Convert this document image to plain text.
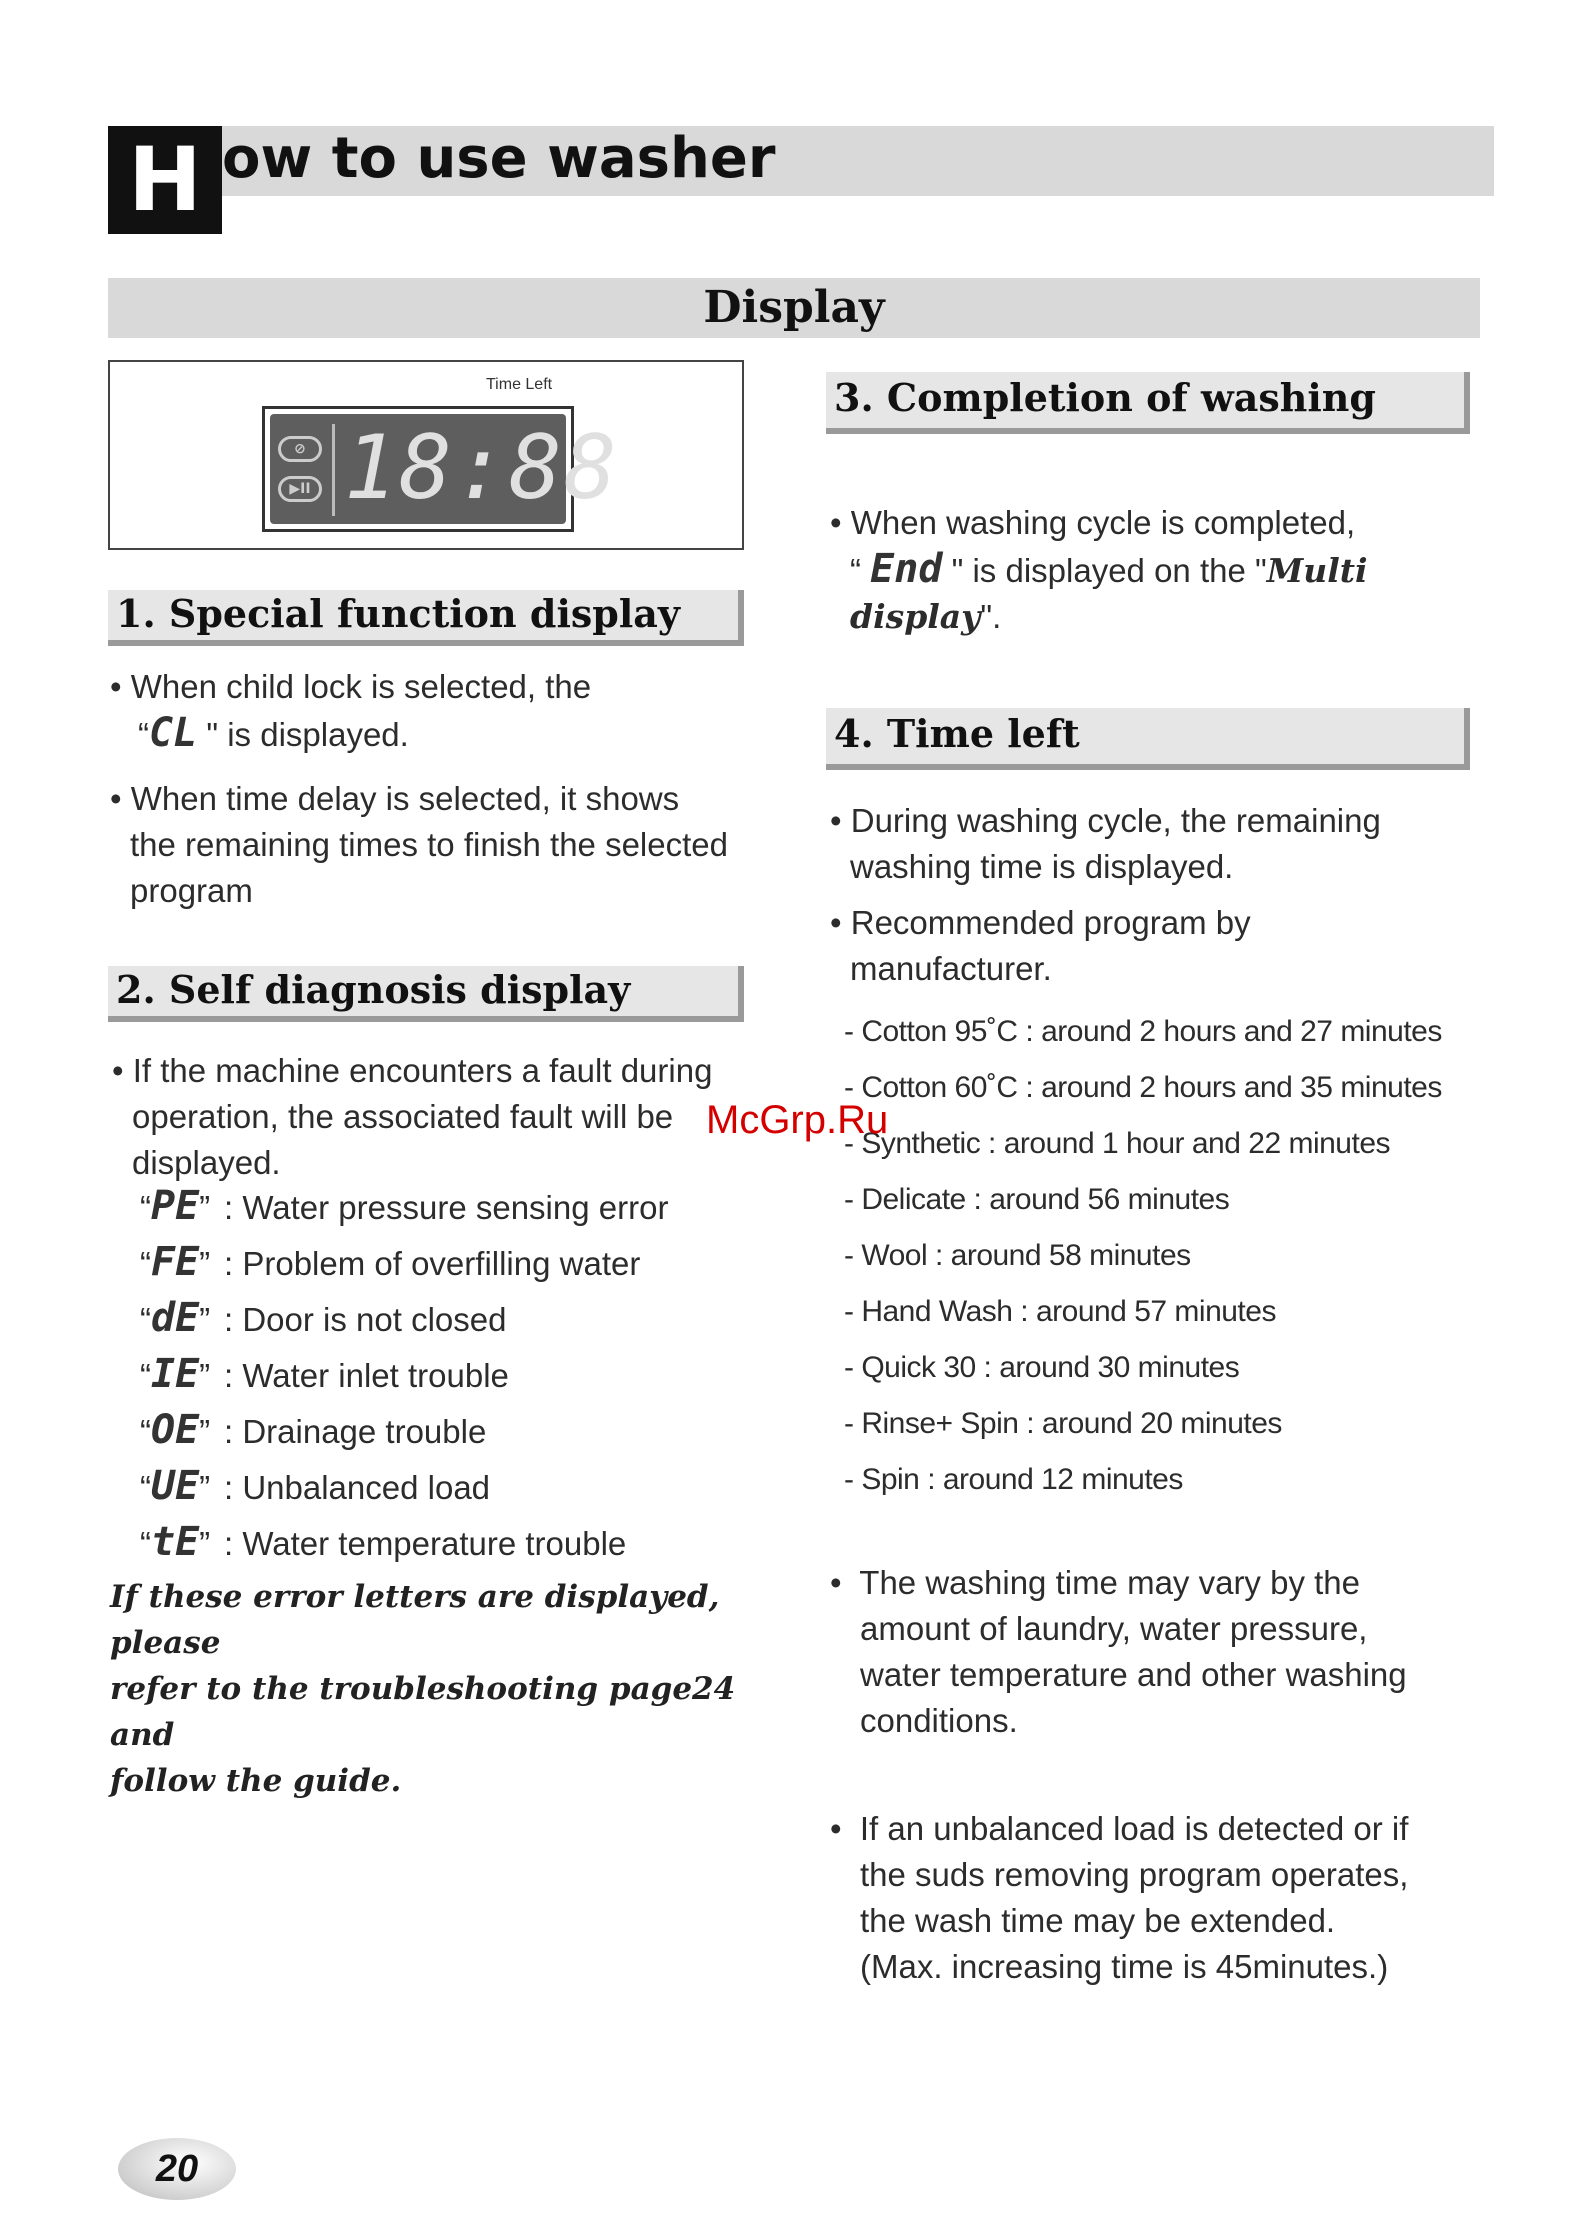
H ow to use washer
Display
Time Left
⊘
▶II 18:88
1. Special function display
• When child lock is selected, the
“CL " is displayed.
• When time delay is selected, it shows
the remaining times to finish the selected
program
2. Self diagnosis display
• If the machine encounters a fault during
operation, the associated fault will be
displayed.
“PE” : Water pressure sensing error
“FE” : Problem of overfilling water
“dE” : Door is not closed
“IE” : Water inlet trouble
“OE” : Drainage trouble
“UE” : Unbalanced load
“tE” : Water temperature trouble
If these error letters are displayed, please
refer to the troubleshooting page24 and
follow the guide.
3. Completion of washing
• When washing cycle is completed,
“ End " is displayed on the "Multi
display".
4. Time left
• During washing cycle, the remaining
washing time is displayed.
• Recommended program by
manufacturer.
- Cotton 95˚C : around 2 hours and 27 minutes
- Cotton 60˚C : around 2 hours and 35 minutes
- Synthetic : around 1 hour and 22 minutes
- Delicate : around 56 minutes
- Wool : around 58 minutes
- Hand Wash : around 57 minutes
- Quick 30 : around 30 minutes
- Rinse+ Spin : around 20 minutes
- Spin : around 12 minutes
•  The washing time may vary by the
amount of laundry, water pressure,
water temperature and other washing
conditions.
•  If an unbalanced load is detected or if
the suds removing program operates,
the wash time may be extended.
(Max. increasing time is 45minutes.)
McGrp.Ru
20
